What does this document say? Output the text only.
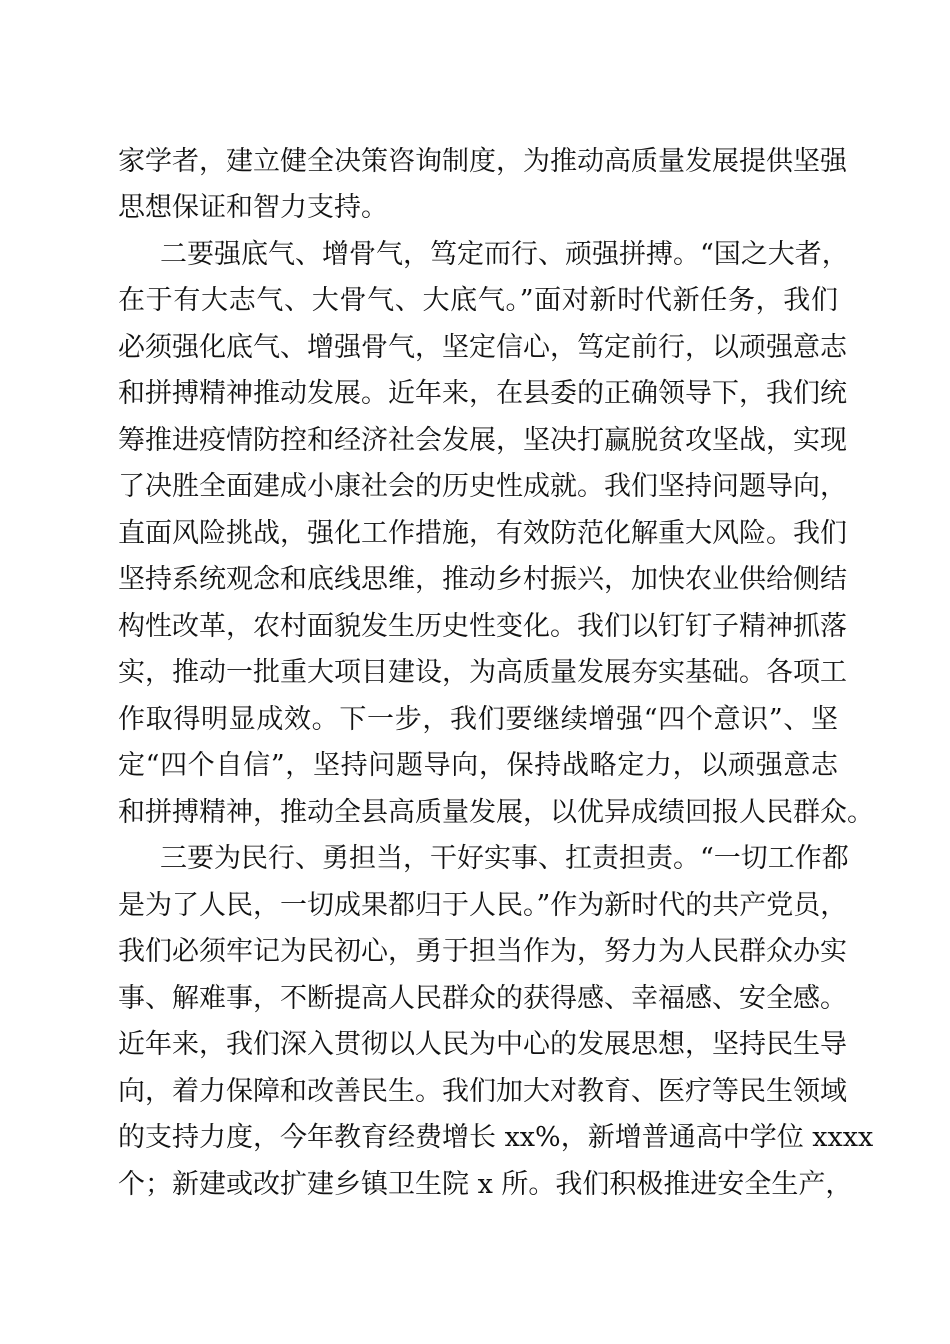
家学者，建立健全决策咨询制度，为推动高质量发展提供坚强
思想保证和智力支持。
二要强底气、增骨气，笃定而行、顽强拼搏。“国之大者，
在于有大志气、大骨气、大底气。”面对新时代新任务，我们
必须强化底气、增强骨气，坚定信心，笃定前行，以顽强意志
和拼搏精神推动发展。近年来，在县委的正确领导下，我们统
筹推进疫情防控和经济社会发展，坚决打赢脱贫攻坚战，实现
了决胜全面建成小康社会的历史性成就。我们坚持问题导向，
直面风险挑战，强化工作措施，有效防范化解重大风险。我们
坚持系统观念和底线思维，推动乡村振兴，加快农业供给侧结
构性改革，农村面貌发生历史性变化。我们以钉钉子精神抓落
实，推动一批重大项目建设，为高质量发展夯实基础。各项工
作取得明显成效。下一步，我们要继续增强“四个意识”、坚
定“四个自信”，坚持问题导向，保持战略定力，以顽强意志
和拼搏精神，推动全县高质量发展，以优异成绩回报人民群众。
三要为民行、勇担当，干好实事、扛责担责。“一切工作都
是为了人民，一切成果都归于人民。”作为新时代的共产党员，
我们必须牢记为民初心，勇于担当作为，努力为人民群众办实
事、解难事，不断提高人民群众的获得感、幸福感、安全感。
近年来，我们深入贯彻以人民为中心的发展思想，坚持民生导
向，着力保障和改善民生。我们加大对教育、医疗等民生领域
的支持力度，今年教育经费增长 xx%，新增普通高中学位 xxxx
个；新建或改扩建乡镇卫生院 x 所。我们积极推进安全生产，
